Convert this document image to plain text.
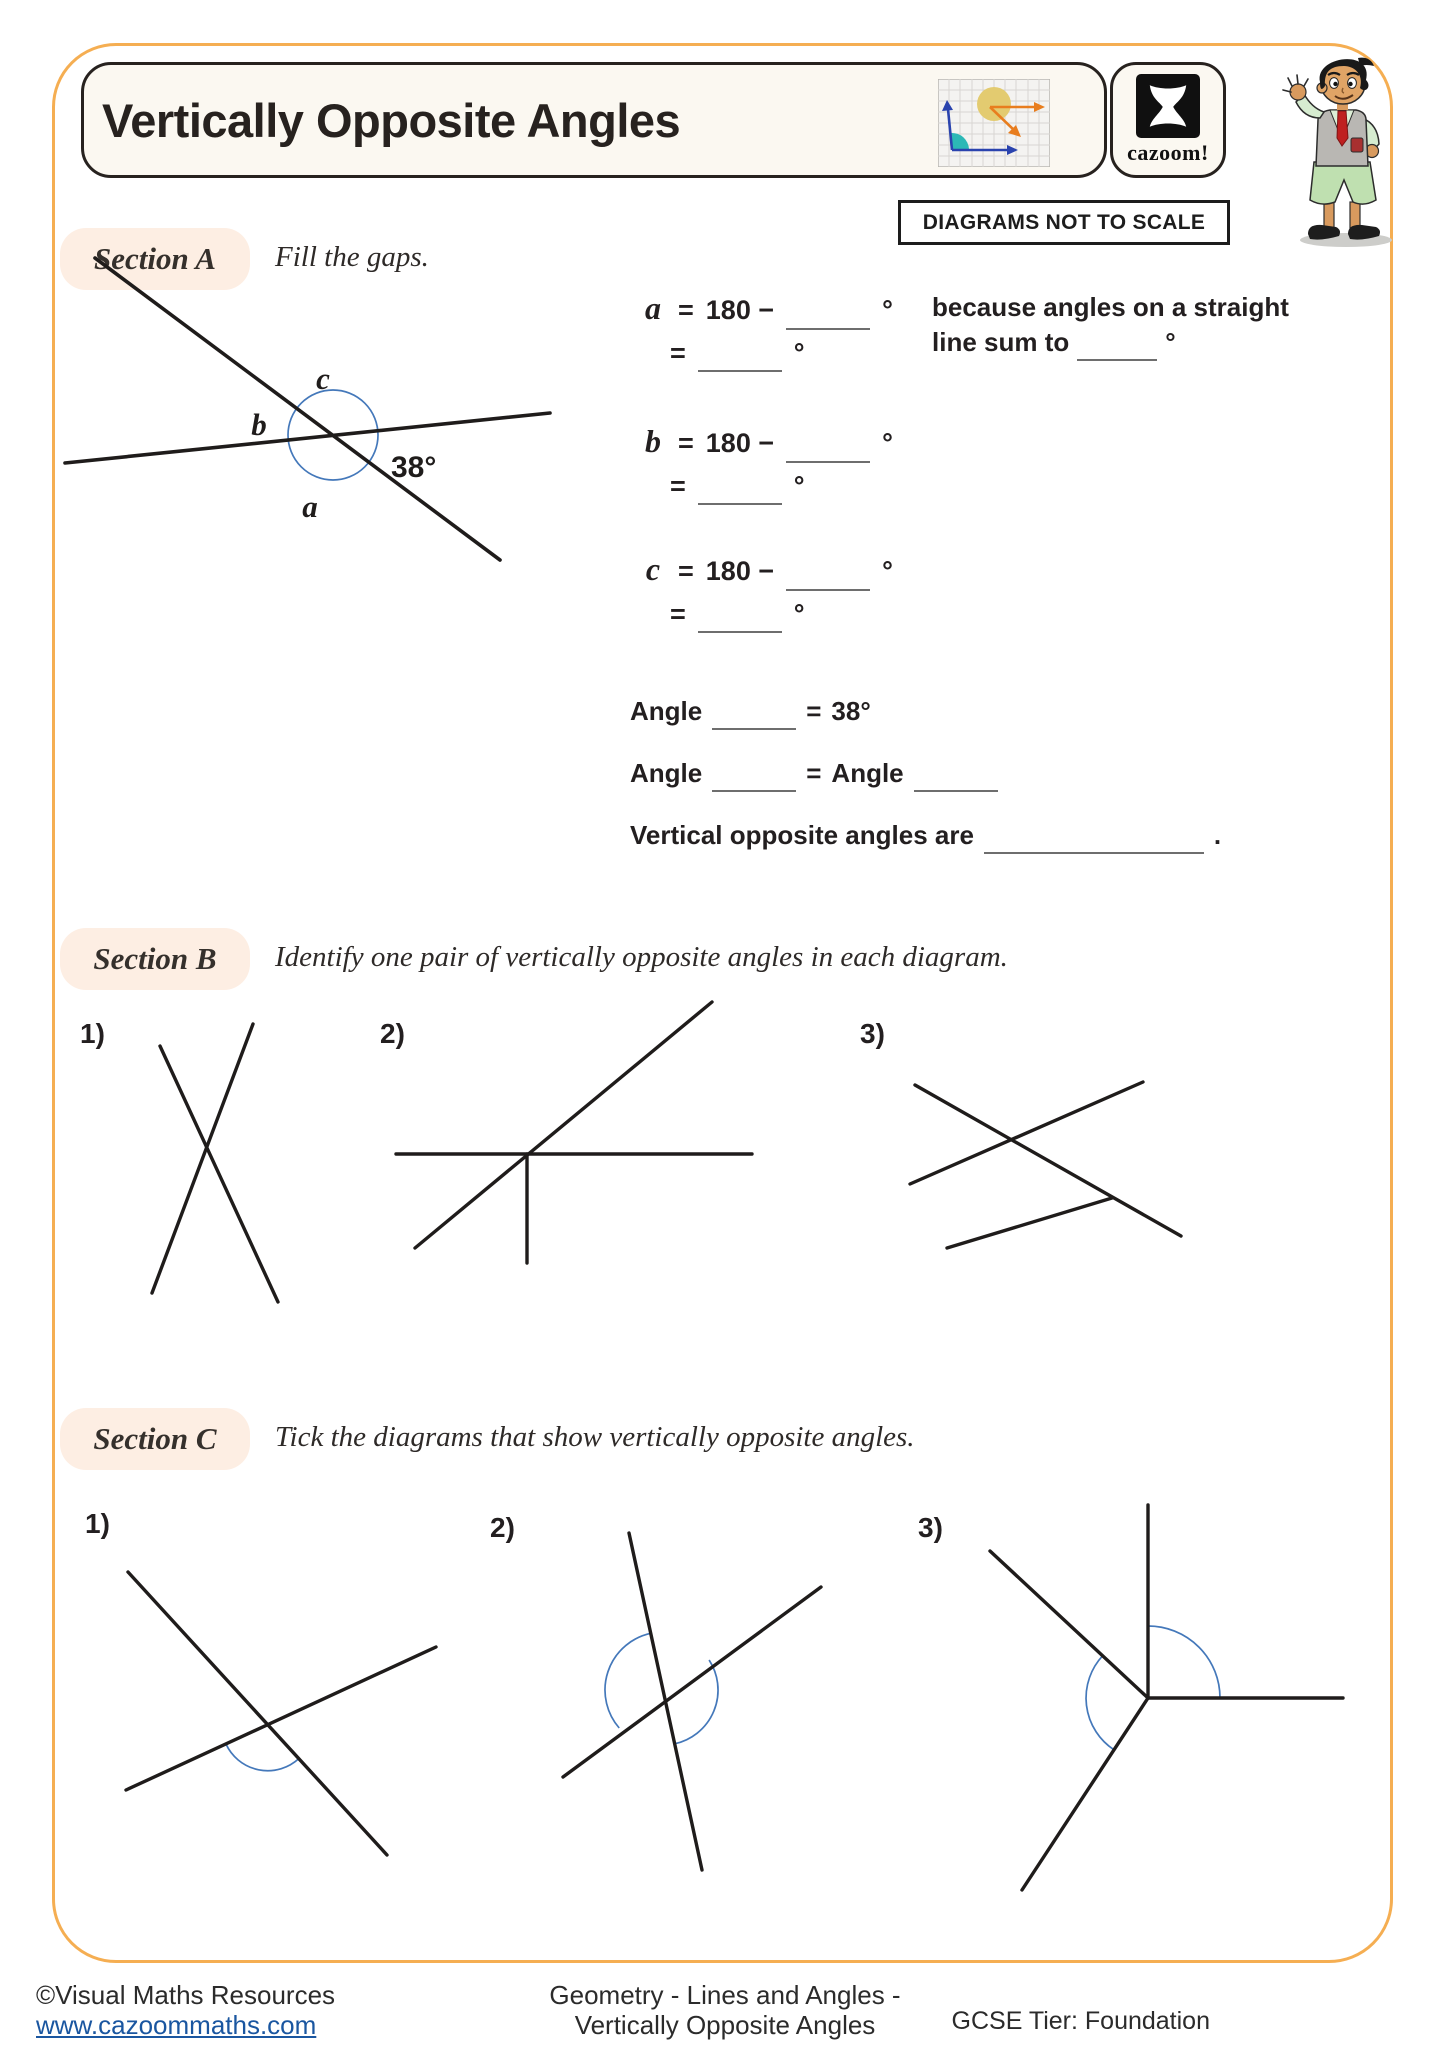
Vertically Opposite Angles
cazoom!
DIAGRAMS NOT TO SCALE
Section A	Fill the gaps.
c
b
a
38°
a = 180 −	°
=	°
because angles on a straight
line sum to	°
b = 180 −	°
=	°
c = 180 −	°
=	°
Angle	= 38°
Angle	= Angle
Vertical opposite angles are	.
Section B	Identify one pair of vertically opposite angles in each diagram.
1)	2)	3)
Section C	Tick the diagrams that show vertically opposite angles.
1)	2)	3)
©Visual Maths Resources
www.cazoommaths.com
Geometry - Lines and Angles -
Vertically Opposite Angles	GCSE Tier: Foundation
